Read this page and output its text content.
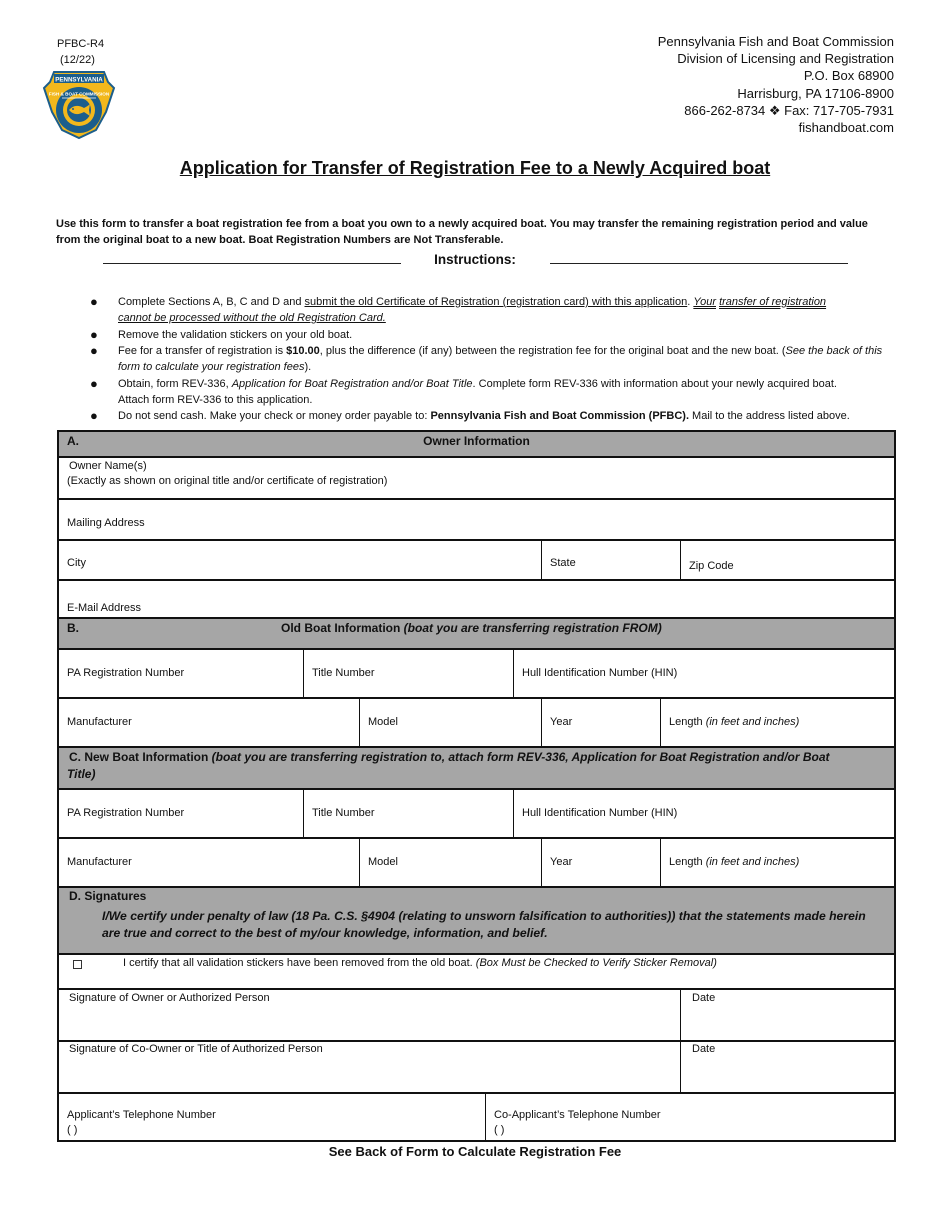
PFBC-R4
(12/22)
PENNSYLVANIA
FISH & BOAT COMMISSION
Pennsylvania Fish and Boat Commission
Division of Licensing and Registration
P.O. Box 68900
Harrisburg, PA 17106-8900
866-262-8734 ❖ Fax: 717-705-7931
fishandboat.com
Application for Transfer of Registration Fee to a Newly Acquired boat
Use this form to transfer a boat registration fee from a boat you own to a newly acquired boat. You may transfer the remaining registration period and value
from the original boat to a new boat. Boat Registration Numbers are Not Transferable.
Instructions:
● Complete Sections A, B, C and D and submit the old Certificate of Registration (registration card) with this application. Your transfer of registration
cannot be processed without the old Registration Card.
● Remove the validation stickers on your old boat.
● Fee for a transfer of registration is $10.00, plus the difference (if any) between the registration fee for the original boat and the new boat. (See the back of this form to calculate your registration fees).
● Obtain, form REV-336, Application for Boat Registration and/or Boat Title. Complete form REV-336 with information about your newly acquired boat.
Attach form REV-336 to this application.
● Do not send cash. Make your check or money order payable to: Pennsylvania Fish and Boat Commission (PFBC). Mail to the address listed above.
A.	Owner Information
Owner Name(s)
(Exactly as shown on original title and/or certificate of registration)
Mailing Address
City	State	Zip Code
E-Mail Address
B.	Old Boat Information (boat you are transferring registration FROM)
PA Registration Number	Title Number	Hull Identification Number (HIN)
Manufacturer	Model	Year	Length (in feet and inches)
C. New Boat Information (boat you are transferring registration to, attach form REV-336, Application for Boat Registration and/or Boat
Title)
PA Registration Number	Title Number	Hull Identification Number (HIN)
Manufacturer	Model	Year	Length (in feet and inches)
D. Signatures
I/We certify under penalty of law (18 Pa. C.S. §4904 (relating to unsworn falsification to authorities)) that the statements made herein
are true and correct to the best of my/our knowledge, information, and belief.
I certify that all validation stickers have been removed from the old boat. (Box Must be Checked to Verify Sticker Removal)
Signature of Owner or Authorized Person	Date
Signature of Co-Owner or Title of Authorized Person	Date
Applicant’s Telephone Number
( )
Co-Applicant’s Telephone Number
( )
See Back of Form to Calculate Registration Fee
